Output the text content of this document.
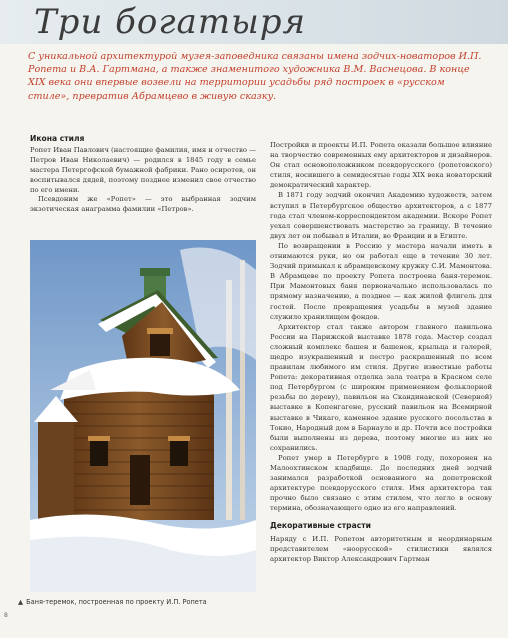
Три богатыря

С уникальной архитектурой музея-заповедника связаны имена зодчих-новаторов И.П. Ропета и В.А. Гартмана, а также знаменитого художника В.М. Васнецова. В конце XIX века они впервые возвели на территории усадьбы ряд построек в «русском стиле», превратив Абрамцево в живую сказку.

Икона стиля

Ропет Иван Павлович (настоящие фамилия, имя и отчество — Петров Иван Николаевич) — родился в 1845 году в семье мастера Петергофской бумажной фабрики. Рано осиротев, он воспитывался дядей, поэтому позднее изменил свое отчество по его имени.

Псевдоним же «Ропет» — это выбранная зодчим экзотическая анаграмма фамилии «Петров».

▲ Баня-теремок, построенная по проекту И.П. Ропета

Постройки и проекты И.П. Ропета оказали большое влияние на творчество современных ему архитекторов и дизайнеров. Он стал основоположником псевдорусского (ропетовского) стиля, носившего в семидесятые годы XIX века новаторский демократический характер.

В 1871 году зодчий окончил Академию художеств, затем вступил в Петербургское общество архитекторов, а с 1877 года стал членом-корреспондентом академии. Вскоре Ропет уехал совершенствовать мастерство за границу. В течение двух лет он побывал в Италии, во Франции и в Египте.

По возвращении в Россию у мастера начали иметь в отнимаются руки, но он работал еще в течение 30 лет. Зодчий примыкал к абрамцевскому кружку С.И. Мамонтова. В Абрамцеве по проекту Ропета построена баня-теремок. При Мамонтовых баня первоначально использовалась по прямому назначению, а позднее — как жилой флигель для гостей. После превращения усадьбы в музей здание служило хранилищем фондов.

Архитектор стал также автором главного павильона России на Парижской выставке 1878 года. Мастер создал сложный комплекс башен и башенок, крыльца и галерей, щедро изукрашенный и пестро раскрашенный по всем правилам любимого им стиля. Другие известные работы Ропета: декоративная отделка зала театра в Красном селе под Петербургом (с широким применением фольклорной резьбы по дереву), павильон на Скандинавской (Северной) выставке в Копенгагене, русский павильон на Всемирной выставке в Чикаго, каменное здание русского посольства в Токио, Народный дом в Барнауле и др. Почти все постройки были выполнены из дерева, поэтому многие из них не сохранились.

Ропет умер в Петербурге в 1908 году, похоронен на Малоохтинском кладбище. До последних дней зодчий занимался разработкой основанного на допетровской архитектуре псевдорусского стиля. Имя архитектора так прочно было связано с этим стилем, что легло в основу термина, обозначающего одно из его направлений.

Декоративные страсти

Наряду с И.П. Ропетом авторитетным и неординарным представителем «ноорусской» стилистики являлся архитектор Виктор Александрович Гартман

8
